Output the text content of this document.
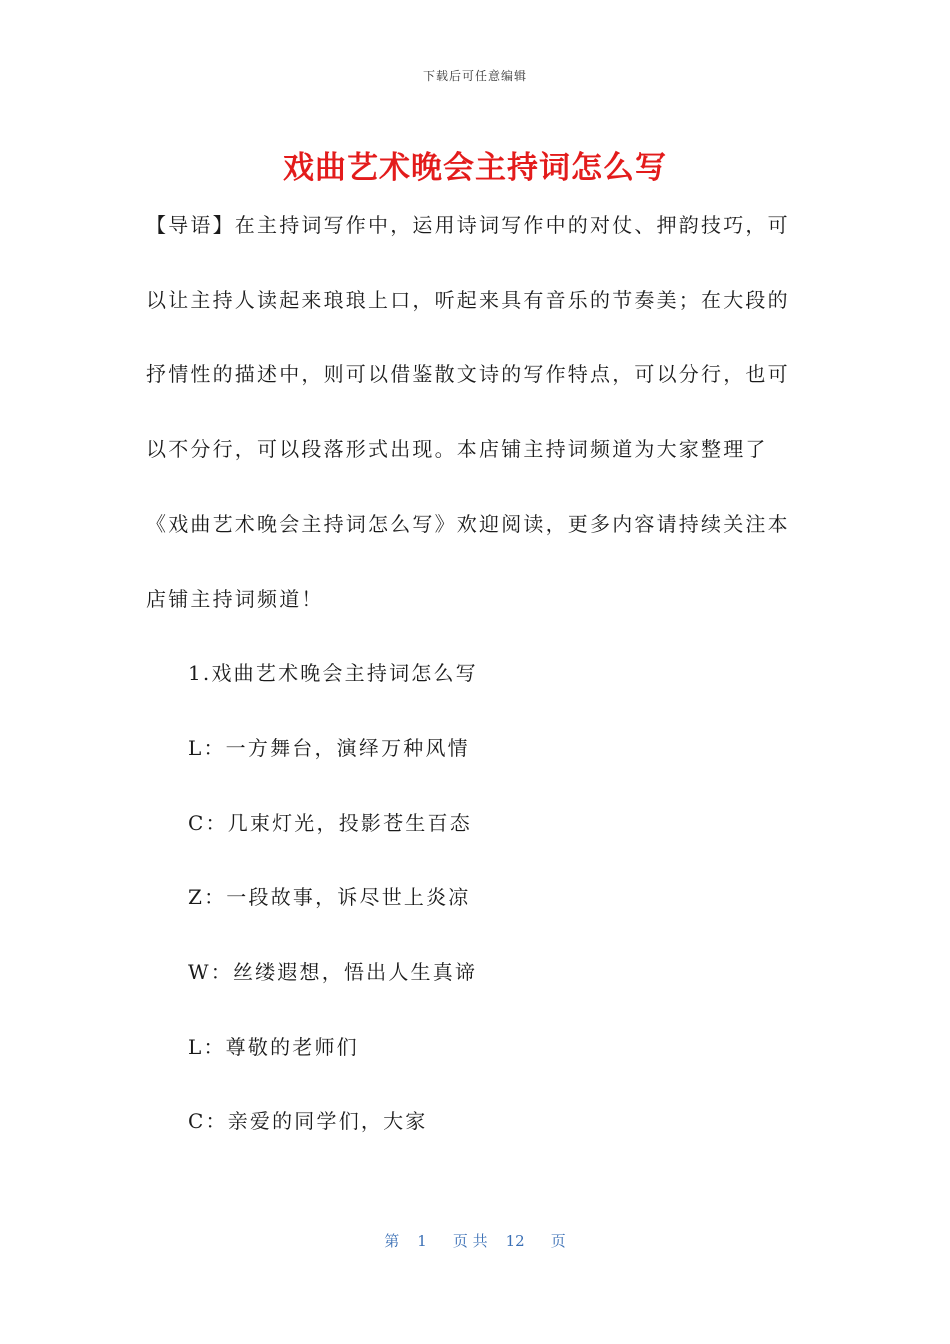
下载后可任意编辑
戏曲艺术晚会主持词怎么写
【导语】在主持词写作中，运用诗词写作中的对仗、押韵技巧，可
以让主持人读起来琅琅上口，听起来具有音乐的节奏美；在大段的
抒情性的描述中，则可以借鉴散文诗的写作特点，可以分行，也可
以不分行，可以段落形式出现。本店铺主持词频道为大家整理了
《戏曲艺术晚会主持词怎么写》欢迎阅读，更多内容请持续关注本
店铺主持词频道！
1.戏曲艺术晚会主持词怎么写
L：一方舞台，演绎万种风情
C：几束灯光，投影苍生百态
Z：一段故事，诉尽世上炎凉
W：丝缕遐想，悟出人生真谛
L：尊敬的老师们
C：亲爱的同学们，大家
第 1 页 共 12 页
